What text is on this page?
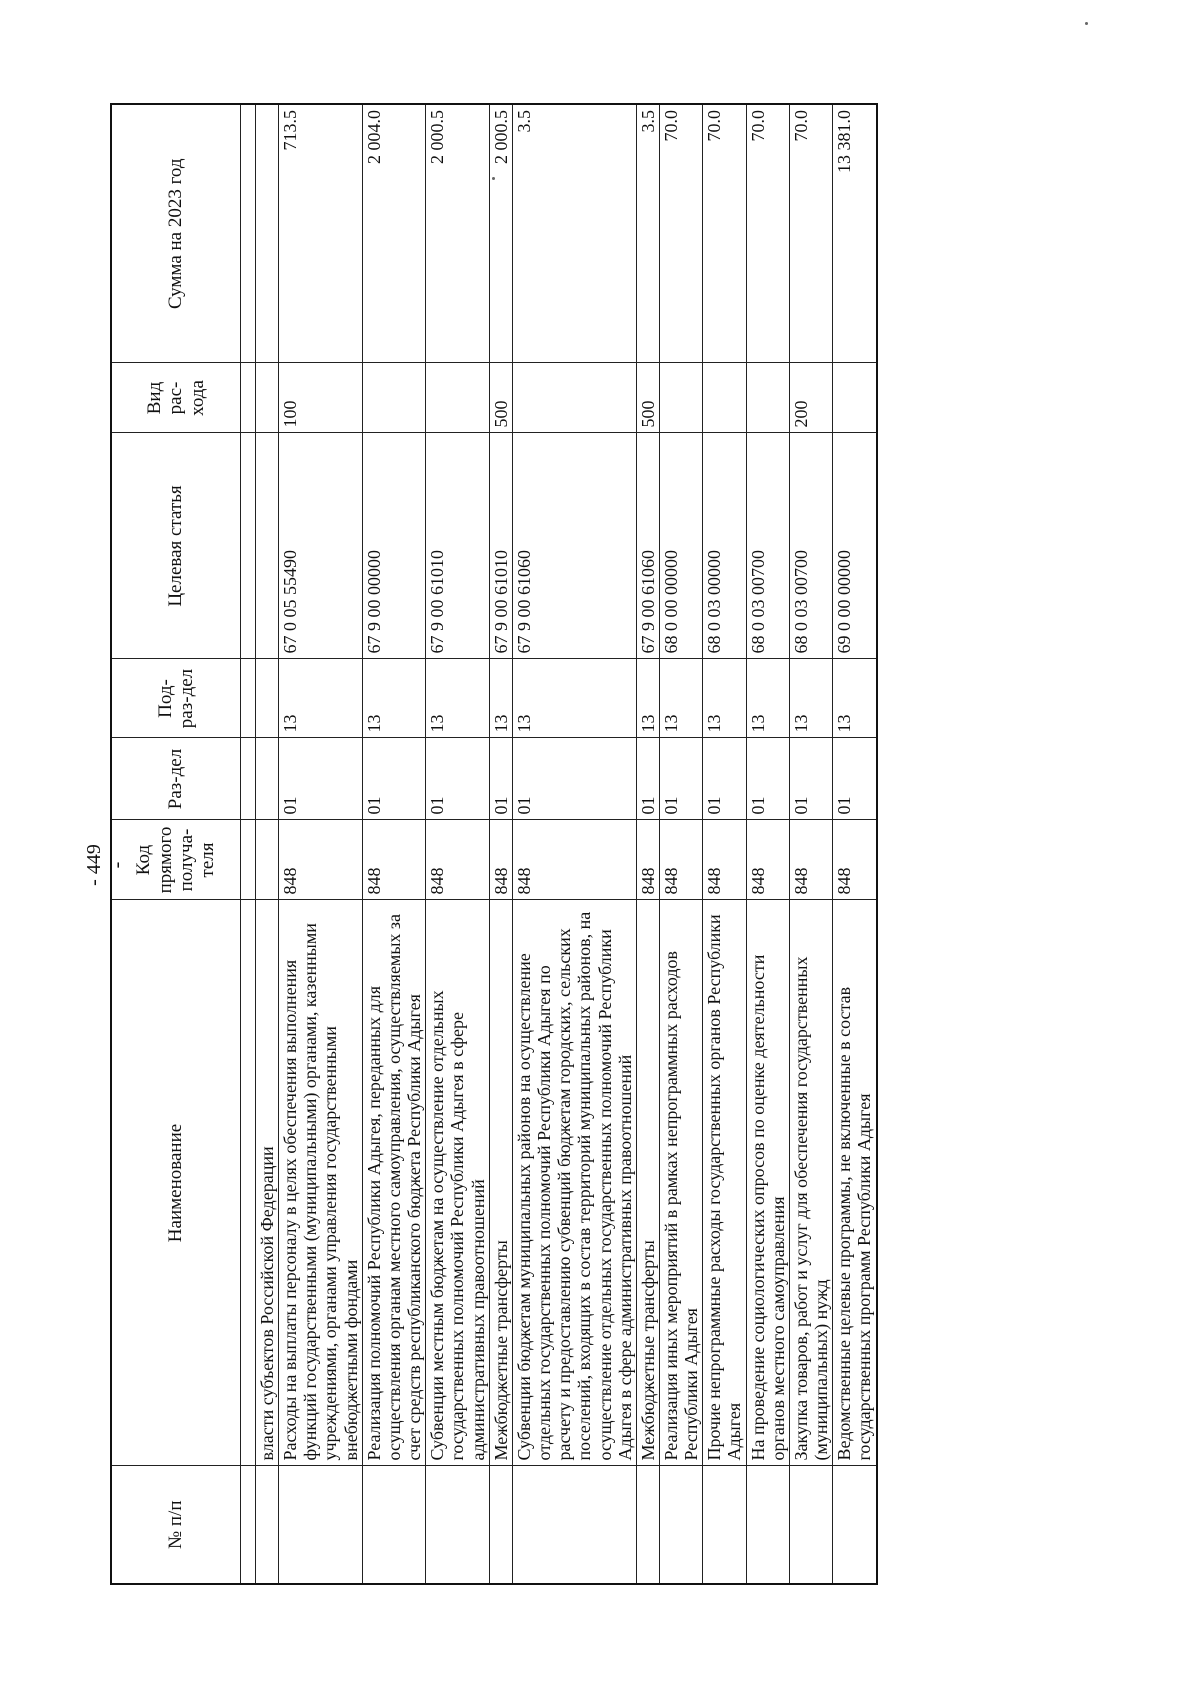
- 449 -
№ п/п	Наименование	Код прямого получа-теля	Раз-дел	Под-раз-дел	Целевая статья	Вид рас-хода	Сумма на 2023 год

	власти субъектов Российской Федерации						
	Расходы на выплаты персоналу в целях обеспечения выполнения функций государственными (муниципальными) органами, казенными учреждениями, органами управления государственными внебюджетными фондами	848	01	13	67 0 05 55490	100	713.5
	Реализация полномочий Республики Адыгея, переданных для осуществления органам местного самоуправления, осуществляемых за счет средств республиканского бюджета Республики Адыгея	848	01	13	67 9 00 00000		2 004.0
	Субвенции местным бюджетам на осуществление отдельных государственных полномочий Республики Адыгея в сфере административных правоотношений	848	01	13	67 9 00 61010		2 000.5
	Межбюджетные трансферты	848	01	13	67 9 00 61010	500	2 000.5
	Субвенции бюджетам муниципальных районов на осуществление отдельных государственных полномочий Республики Адыгея по расчету и предоставлению субвенций бюджетам городских, сельских поселений, входящих в состав территорий муниципальных районов, на осуществление отдельных государственных полномочий Республики Адыгея в сфере административных правоотношений	848	01	13	67 9 00 61060		3.5
	Межбюджетные трансферты	848	01	13	67 9 00 61060	500	3.5
	Реализация иных мероприятий в рамках непрограммных расходов Республики Адыгея	848	01	13	68 0 00 00000		70.0
	Прочие непрограммные расходы государственных органов Республики Адыгея	848	01	13	68 0 03 00000		70.0
	На проведение социологических опросов по оценке деятельности органов местного самоуправления	848	01	13	68 0 03 00700		70.0
	Закупка товаров, работ и услуг для обеспечения государственных (муниципальных) нужд	848	01	13	68 0 03 00700	200	70.0
	Ведомственные целевые программы, не включенные в состав государственных программ Республики Адыгея	848	01	13	69 0 00 00000		13 381.0
